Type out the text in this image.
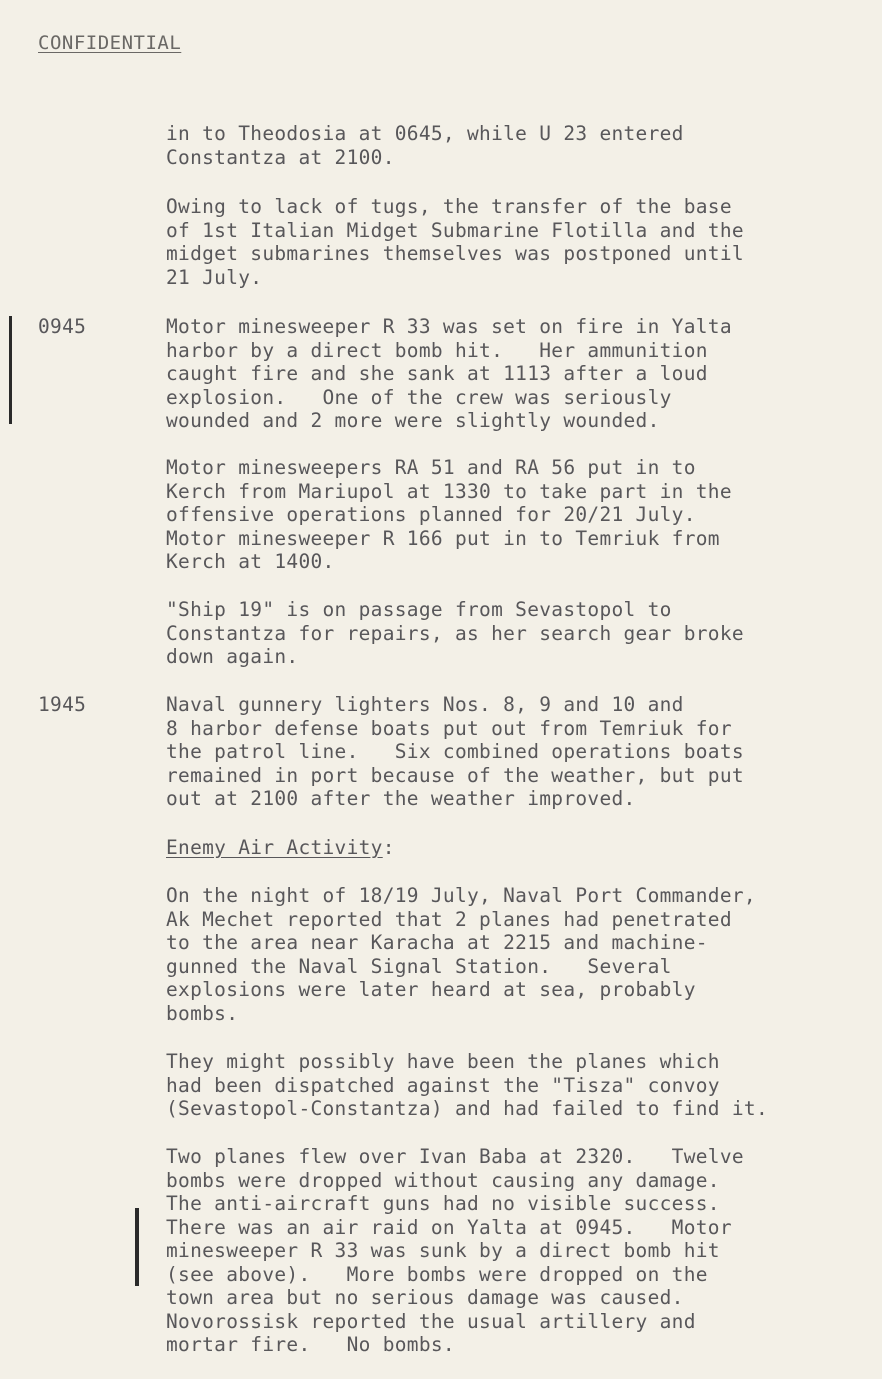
CONFIDENTIAL

in to Theodosia at 0645, while U 23 entered
Constantza at 2100.

Owing to lack of tugs, the transfer of the base
of 1st Italian Midget Submarine Flotilla and the
midget submarines themselves was postponed until
21 July.

0945	Motor minesweeper R 33 was set on fire in Yalta
harbor by a direct bomb hit.   Her ammunition
caught fire and she sank at 1113 after a loud
explosion.   One of the crew was seriously
wounded and 2 more were slightly wounded.

Motor minesweepers RA 51 and RA 56 put in to
Kerch from Mariupol at 1330 to take part in the
offensive operations planned for 20/21 July.
Motor minesweeper R 166 put in to Temriuk from
Kerch at 1400.

"Ship 19" is on passage from Sevastopol to
Constantza for repairs, as her search gear broke
down again.

1945	Naval gunnery lighters Nos. 8, 9 and 10 and
8 harbor defense boats put out from Temriuk for
the patrol line.   Six combined operations boats
remained in port because of the weather, but put
out at 2100 after the weather improved.

Enemy Air Activity:

On the night of 18/19 July, Naval Port Commander,
Ak Mechet reported that 2 planes had penetrated
to the area near Karacha at 2215 and machine-
gunned the Naval Signal Station.   Several
explosions were later heard at sea, probably
bombs.

They might possibly have been the planes which
had been dispatched against the "Tisza" convoy
(Sevastopol-Constantza) and had failed to find it.

Two planes flew over Ivan Baba at 2320.   Twelve
bombs were dropped without causing any damage.
The anti-aircraft guns had no visible success.
There was an air raid on Yalta at 0945.   Motor
minesweeper R 33 was sunk by a direct bomb hit
(see above).   More bombs were dropped on the
town area but no serious damage was caused.
Novorossisk reported the usual artillery and
mortar fire.   No bombs.
